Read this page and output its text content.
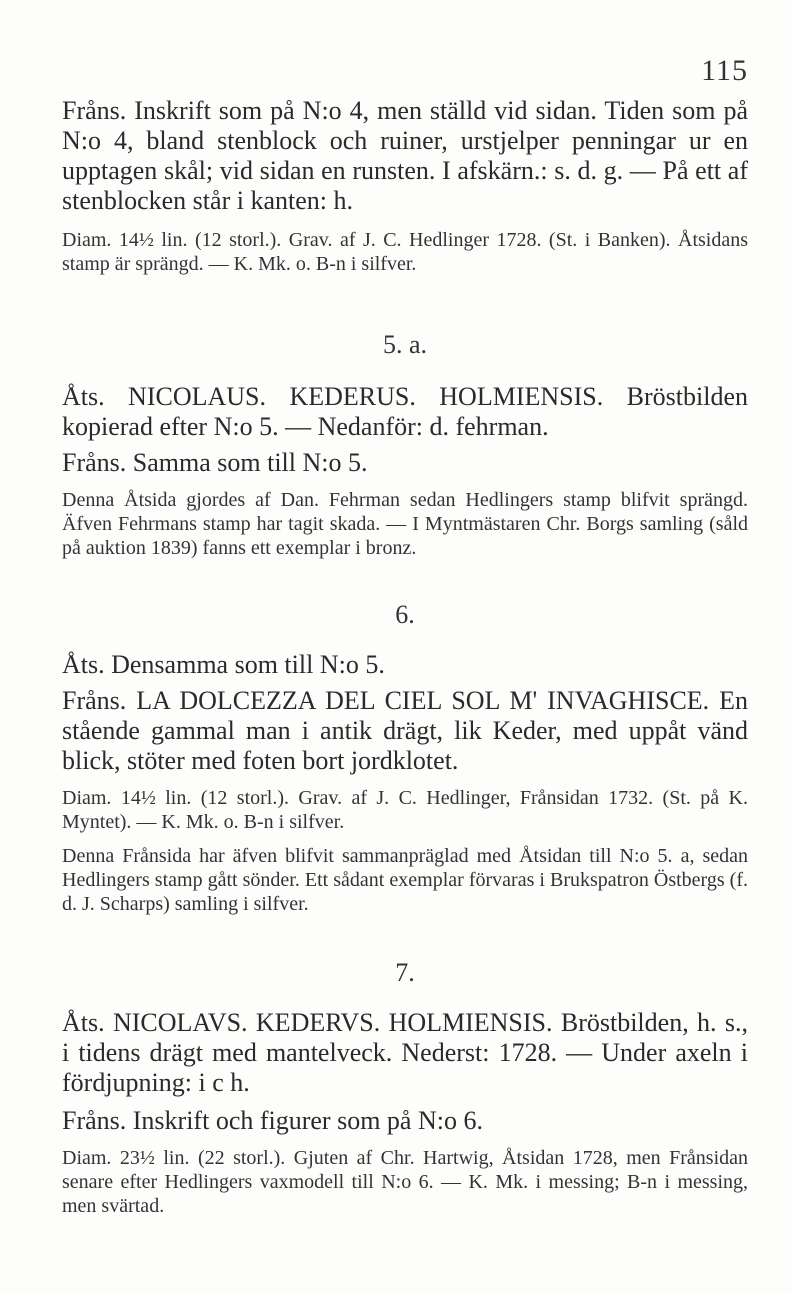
115

Fråns. Inskrift som på N:o 4, men ställd vid sidan. Tiden som på N:o 4, bland stenblock och ruiner, urstjelper penningar ur en upptagen skål; vid sidan en runsten. I afskärn.: s. d. g. — På ett af stenblocken står i kanten: h.

Diam. 14½ lin. (12 storl.). Grav. af J. C. Hedlinger 1728. (St. i Banken). Åtsidans stamp är sprängd. — K. Mk. o. B-n i silfver.

5. a.

Åts. NICOLAUS. KEDERUS. HOLMIENSIS. Bröstbilden kopierad efter N:o 5. — Nedanför: d. fehrman.

Fråns. Samma som till N:o 5.

Denna Åtsida gjordes af Dan. Fehrman sedan Hedlingers stamp blifvit sprängd. Äfven Fehrmans stamp har tagit skada. — I Myntmästaren Chr. Borgs samling (såld på auktion 1839) fanns ett exemplar i bronz.

6.

Åts. Densamma som till N:o 5.

Fråns. LA DOLCEZZA DEL CIEL SOL M' INVAGHISCE. En stående gammal man i antik drägt, lik Keder, med uppåt vänd blick, stöter med foten bort jordklotet.

Diam. 14½ lin. (12 storl.). Grav. af J. C. Hedlinger, Frånsidan 1732. (St. på K. Myntet). — K. Mk. o. B-n i silfver.

Denna Frånsida har äfven blifvit sammanpräglad med Åtsidan till N:o 5. a, sedan Hedlingers stamp gått sönder. Ett sådant exemplar förvaras i Brukspatron Östbergs (f. d. J. Scharps) samling i silfver.

7.

Åts. NICOLAVS. KEDERVS. HOLMIENSIS. Bröstbilden, h. s., i tidens drägt med mantelveck. Nederst: 1728. — Under axeln i fördjupning: i c h.

Fråns. Inskrift och figurer som på N:o 6.

Diam. 23½ lin. (22 storl.). Gjuten af Chr. Hartwig, Åtsidan 1728, men Frånsidan senare efter Hedlingers vaxmodell till N:o 6. — K. Mk. i messing; B-n i messing, men svärtad.
